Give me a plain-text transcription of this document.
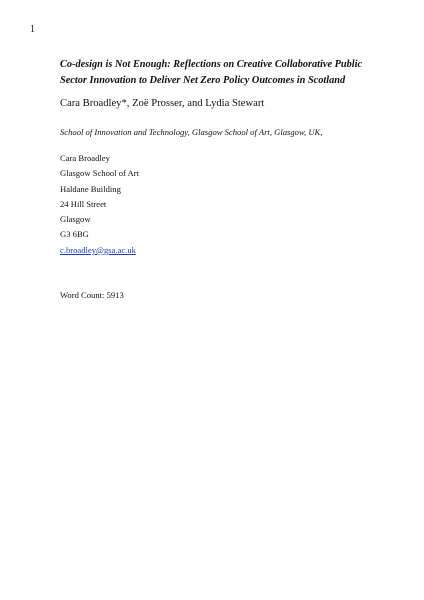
1
Co-design is Not Enough: Reflections on Creative Collaborative Public
Sector Innovation to Deliver Net Zero Policy Outcomes in Scotland
Cara Broadley*, Zoë Prosser, and Lydia Stewart
School of Innovation and Technology, Glasgow School of Art, Glasgow, UK,
Cara Broadley
Glasgow School of Art
Haldane Building
24 Hill Street
Glasgow
G3 6BG
c.broadley@gsa.ac.uk
Word Count: 5913
